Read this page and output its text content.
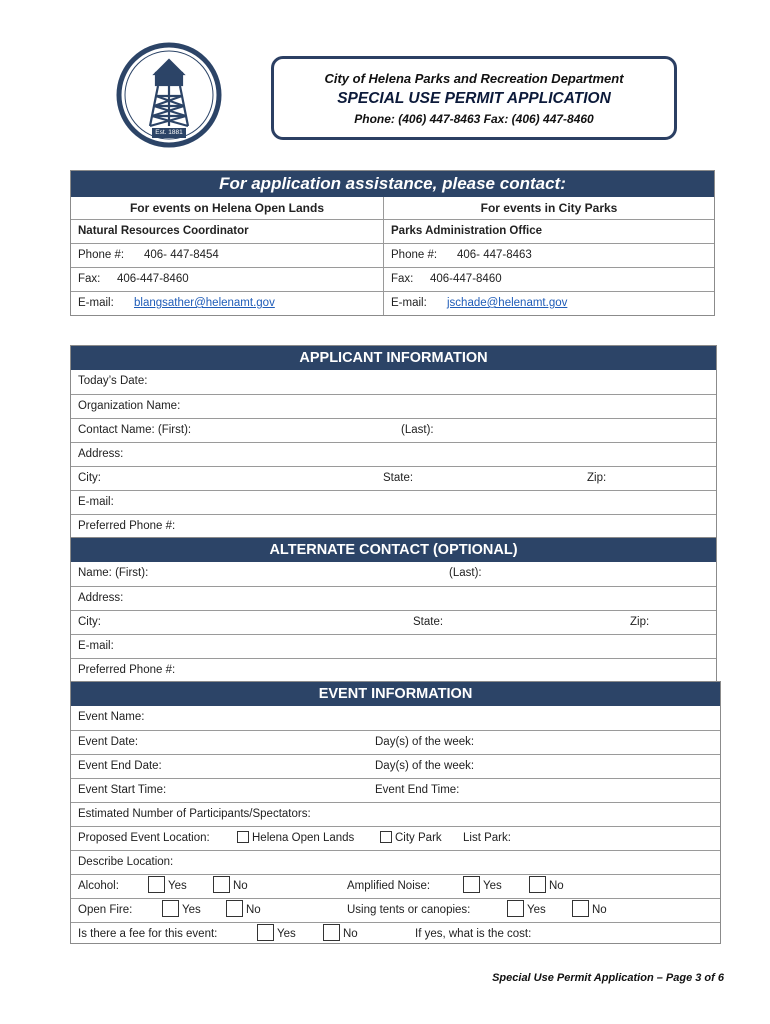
Est. 1881
City of Helena Parks and Recreation Department
SPECIAL USE PERMIT APPLICATION
Phone: (406) 447-8463 Fax: (406) 447-8460
For application assistance, please contact:
For events on Helena Open Lands	For events in City Parks
Natural Resources Coordinator	Parks Administration Office
Phone #: 406- 447-8454	Phone #: 406- 447-8463
Fax: 406-447-8460	Fax: 406-447-8460
E-mail: blangsather@helenamt.gov	E-mail: jschade@helenamt.gov
APPLICANT INFORMATION
Today’s Date:
Organization Name:
Contact Name: (First):	(Last):
Address:
City:	State:	Zip:
E-mail:
Preferred Phone #:
ALTERNATE CONTACT (OPTIONAL)
Name: (First):	(Last):
Address:
City:	State:	Zip:
E-mail:
Preferred Phone #:
EVENT INFORMATION
Event Name:
Event Date:	Day(s) of the week:
Event End Date:	Day(s) of the week:
Event Start Time:	Event End Time:
Estimated Number of Participants/Spectators:
Proposed Event Location:	Helena Open Lands	City Park List Park:
Describe Location:
Alcohol:	Yes	No	Amplified Noise:	Yes	No
Open Fire:	Yes	No	Using tents or canopies:	Yes	No
Is there a fee for this event:	Yes	No	If yes, what is the cost:
Special Use Permit Application – Page 3 of 6
